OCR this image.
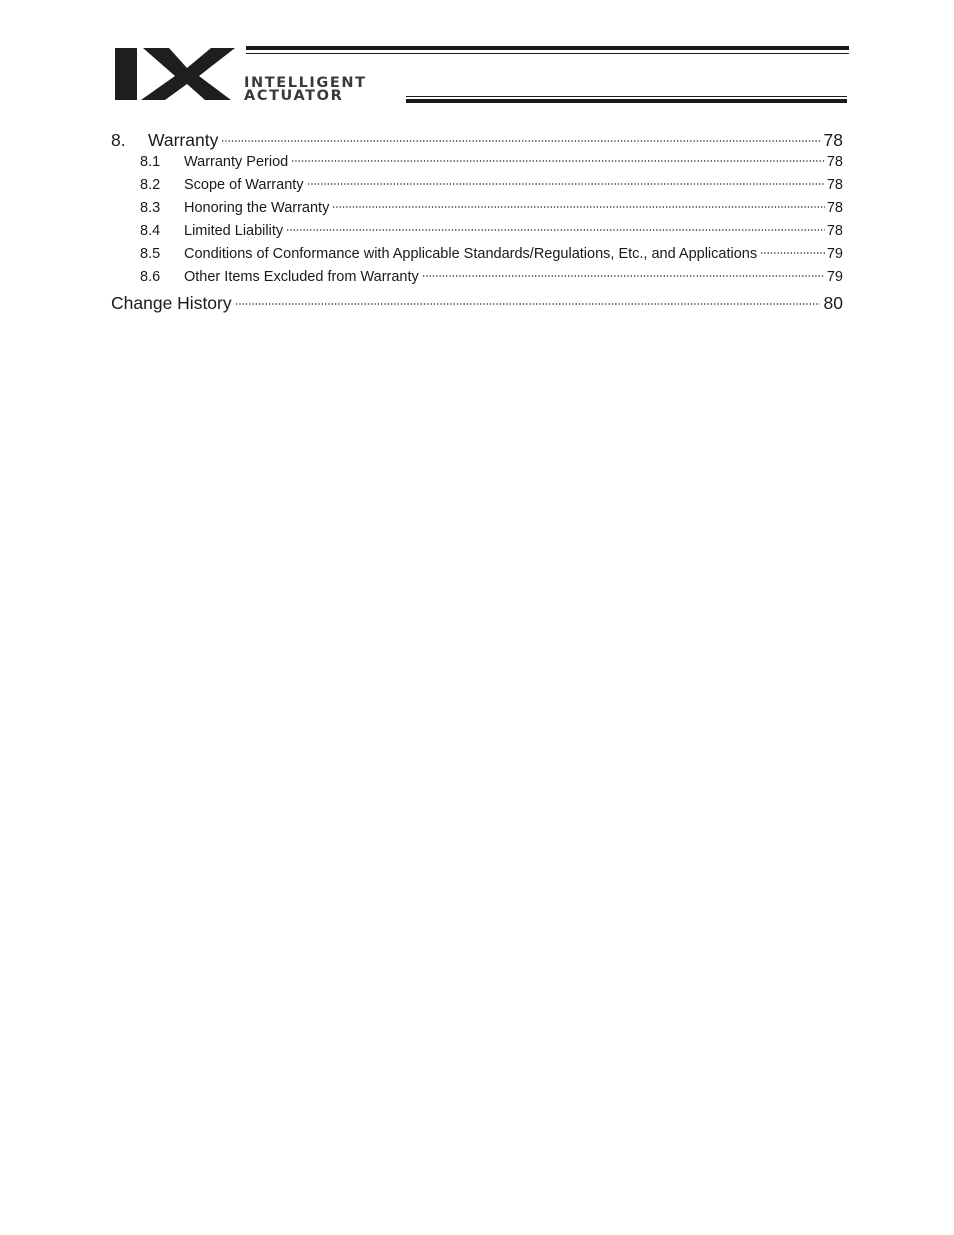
INTELLIGENT
ACTUATOR
8.	Warranty	78
8.1	Warranty Period	78
8.2	Scope of Warranty	78
8.3	Honoring the Warranty	78
8.4	Limited Liability	78
8.5	Conditions of Conformance with Applicable Standards/Regulations, Etc., and Applications	79
8.6	Other Items Excluded from Warranty	79
Change History	80
